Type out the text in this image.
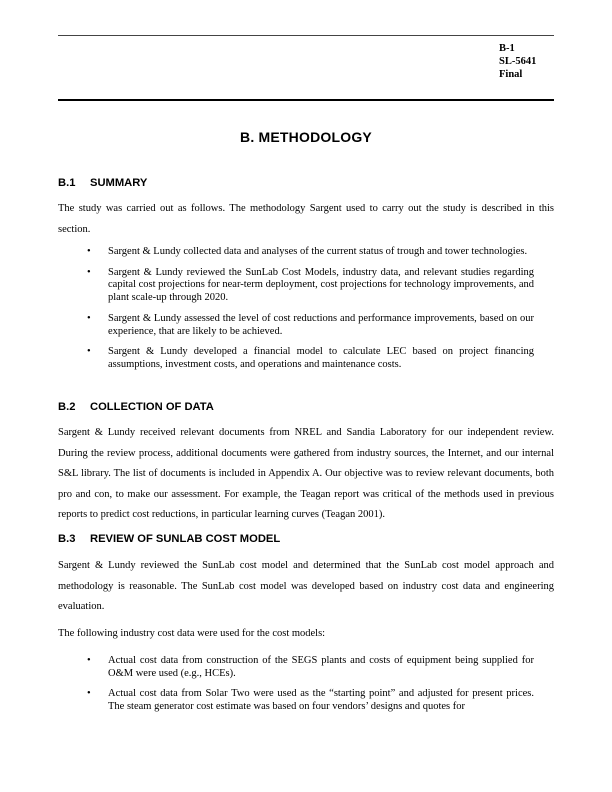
B-1
SL-5641
Final
B. METHODOLOGY
B.1 SUMMARY

The study was carried out as follows. The methodology Sargent used to carry out the study is described in this section.

• Sargent & Lundy collected data and analyses of the current status of trough and tower technologies.
• Sargent & Lundy reviewed the SunLab Cost Models, industry data, and relevant studies regarding capital cost projections for near-term deployment, cost projections for technology improvements, and plant scale-up through 2020.
• Sargent & Lundy assessed the level of cost reductions and performance improvements, based on our experience, that are likely to be achieved.
• Sargent & Lundy developed a financial model to calculate LEC based on project financing assumptions, investment costs, and operations and maintenance costs.
B.2 COLLECTION OF DATA

Sargent & Lundy received relevant documents from NREL and Sandia Laboratory for our independent review. During the review process, additional documents were gathered from industry sources, the Internet, and our internal S&L library. The list of documents is included in Appendix A. Our objective was to review relevant documents, both pro and con, to make our assessment. For example, the Teagan report was critical of the methods used in previous reports to predict cost reductions, in particular learning curves (Teagan 2001).

B.3 REVIEW OF SUNLAB COST MODEL

Sargent & Lundy reviewed the SunLab cost model and determined that the SunLab cost model approach and methodology is reasonable. The SunLab cost model was developed based on industry cost data and engineering evaluation.

The following industry cost data were used for the cost models:

• Actual cost data from construction of the SEGS plants and costs of equipment being supplied for O&M were used (e.g., HCEs).
• Actual cost data from Solar Two were used as the “starting point” and adjusted for present prices. The steam generator cost estimate was based on four vendors’ designs and quotes for
